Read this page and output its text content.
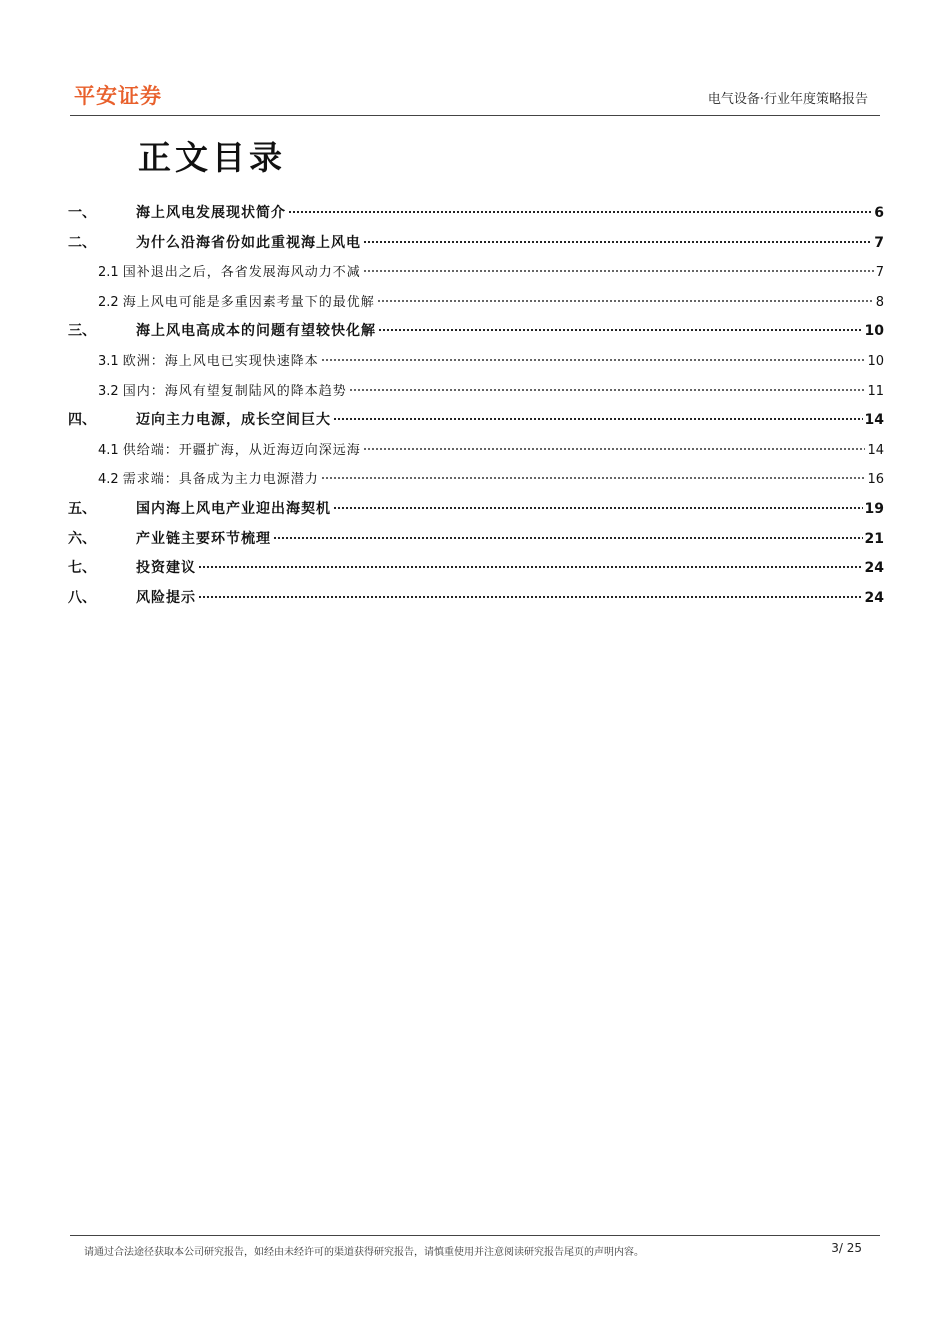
平安证券	电气设备·行业年度策略报告
正文目录
一、	海上风电发展现状简介	6
二、	为什么沿海省份如此重视海上风电	7
2.1 国补退出之后，各省发展海风动力不减	7
2.2 海上风电可能是多重因素考量下的最优解	8
三、	海上风电高成本的问题有望较快化解	10
3.1 欧洲：海上风电已实现快速降本	10
3.2 国内：海风有望复制陆风的降本趋势	11
四、	迈向主力电源，成长空间巨大	14
4.1 供给端：开疆扩海，从近海迈向深远海	14
4.2 需求端：具备成为主力电源潜力	16
五、	国内海上风电产业迎出海契机	19
六、	产业链主要环节梳理	21
七、	投资建议	24
八、	风险提示	24
请通过合法途径获取本公司研究报告，如经由未经许可的渠道获得研究报告，请慎重使用并注意阅读研究报告尾页的声明内容。	3/ 25
